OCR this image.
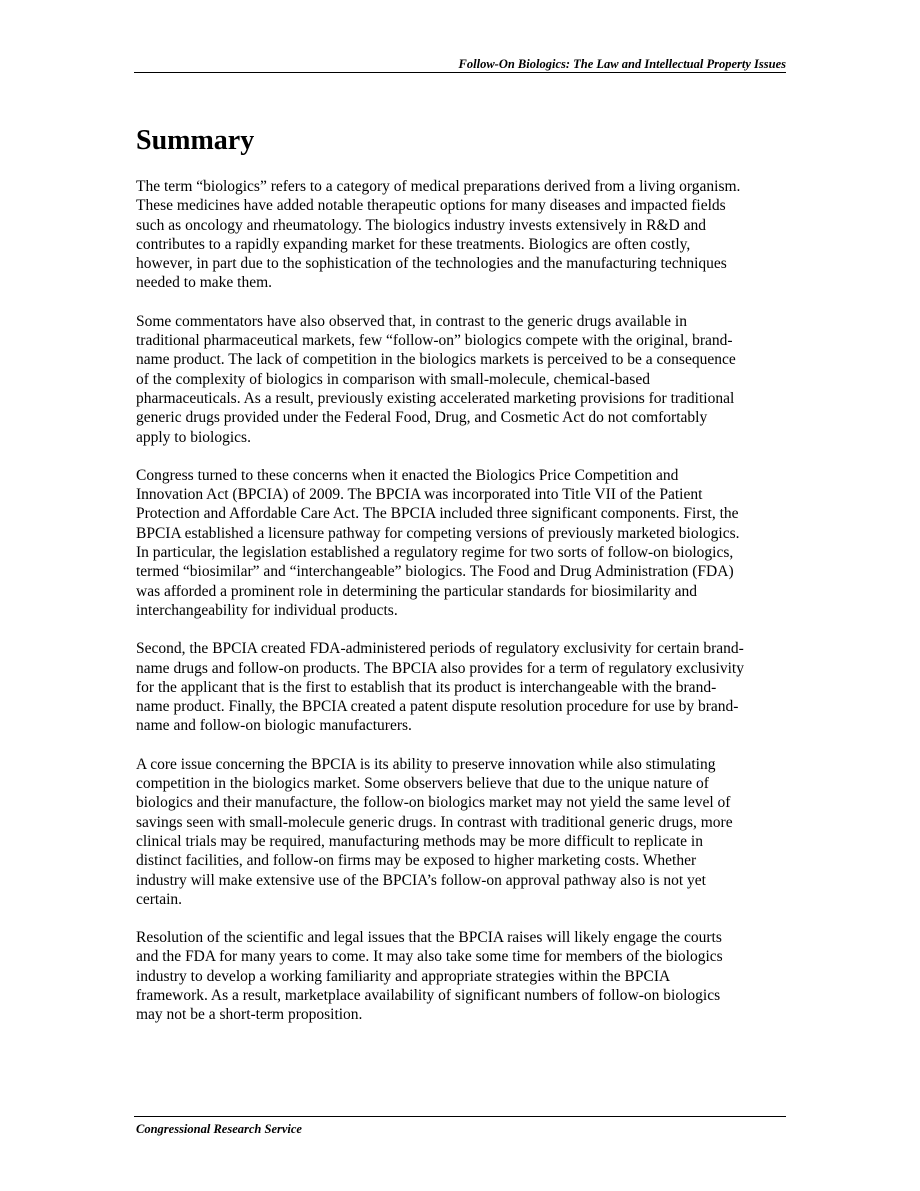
Follow-On Biologics: The Law and Intellectual Property Issues
Summary

The term “biologics” refers to a category of medical preparations derived from a living organism.
These medicines have added notable therapeutic options for many diseases and impacted fields
such as oncology and rheumatology. The biologics industry invests extensively in R&D and
contributes to a rapidly expanding market for these treatments. Biologics are often costly,
however, in part due to the sophistication of the technologies and the manufacturing techniques
needed to make them.

Some commentators have also observed that, in contrast to the generic drugs available in
traditional pharmaceutical markets, few “follow-on” biologics compete with the original, brand-
name product. The lack of competition in the biologics markets is perceived to be a consequence
of the complexity of biologics in comparison with small-molecule, chemical-based
pharmaceuticals. As a result, previously existing accelerated marketing provisions for traditional
generic drugs provided under the Federal Food, Drug, and Cosmetic Act do not comfortably
apply to biologics.

Congress turned to these concerns when it enacted the Biologics Price Competition and
Innovation Act (BPCIA) of 2009. The BPCIA was incorporated into Title VII of the Patient
Protection and Affordable Care Act. The BPCIA included three significant components. First, the
BPCIA established a licensure pathway for competing versions of previously marketed biologics.
In particular, the legislation established a regulatory regime for two sorts of follow-on biologics,
termed “biosimilar” and “interchangeable” biologics. The Food and Drug Administration (FDA)
was afforded a prominent role in determining the particular standards for biosimilarity and
interchangeability for individual products.

Second, the BPCIA created FDA-administered periods of regulatory exclusivity for certain brand-
name drugs and follow-on products. The BPCIA also provides for a term of regulatory exclusivity
for the applicant that is the first to establish that its product is interchangeable with the brand-
name product. Finally, the BPCIA created a patent dispute resolution procedure for use by brand-
name and follow-on biologic manufacturers.

A core issue concerning the BPCIA is its ability to preserve innovation while also stimulating
competition in the biologics market. Some observers believe that due to the unique nature of
biologics and their manufacture, the follow-on biologics market may not yield the same level of
savings seen with small-molecule generic drugs. In contrast with traditional generic drugs, more
clinical trials may be required, manufacturing methods may be more difficult to replicate in
distinct facilities, and follow-on firms may be exposed to higher marketing costs. Whether
industry will make extensive use of the BPCIA’s follow-on approval pathway also is not yet
certain.

Resolution of the scientific and legal issues that the BPCIA raises will likely engage the courts
and the FDA for many years to come. It may also take some time for members of the biologics
industry to develop a working familiarity and appropriate strategies within the BPCIA
framework. As a result, marketplace availability of significant numbers of follow-on biologics
may not be a short-term proposition.

Congressional Research Service
